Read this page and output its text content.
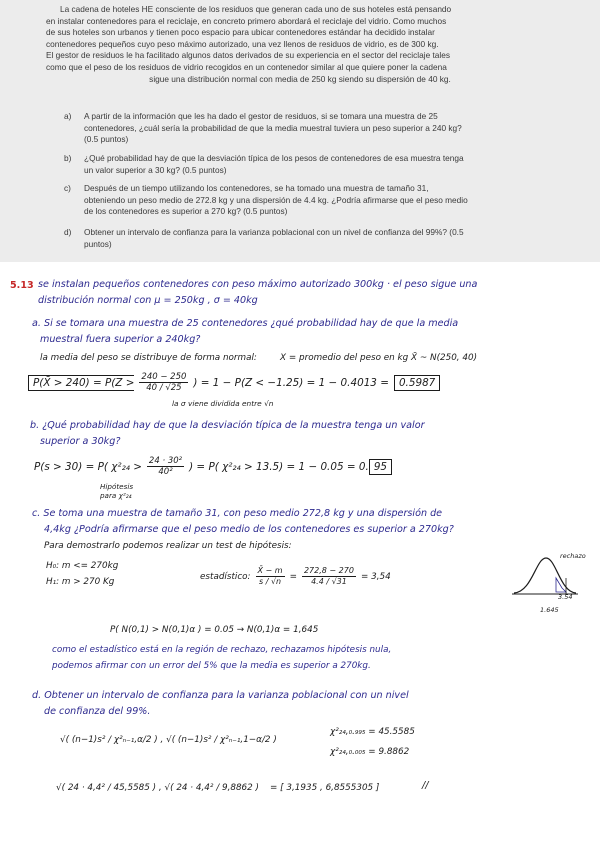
La cadena de hoteles HE consciente de los residuos que generan cada uno de sus hoteles está pensando
en instalar contenedores para el reciclaje, en concreto primero abordará el reciclaje del vidrio. Como muchos
de sus hoteles son urbanos y tienen poco espacio para ubicar contenedores estándar ha decidido instalar
contenedores pequeños cuyo peso máximo autorizado, una vez llenos de residuos de vidrio, es de 300 kg.
El gestor de residuos le ha facilitado algunos datos derivados de su experiencia en el sector del reciclaje tales
como que el peso de los residuos de vidrio recogidos en un contenedor similar al que quiere poner la cadena
sigue una distribución normal con media de 250 kg siendo su dispersión de 40 kg.
a)	A partir de la información que les ha dado el gestor de residuos, si se tomara una muestra de 25
contenedores, ¿cuál sería la probabilidad de que la media muestral tuviera un peso superior a 240 kg?
(0.5 puntos)
b)	¿Qué probabilidad hay de que la desviación típica de los pesos de contenedores de esa muestra tenga
un valor superior a 30 kg? (0.5 puntos)
c)	Después de un tiempo utilizando los contenedores, se ha tomado una muestra de tamaño 31,
obteniendo un peso medio de 272.8 kg y una dispersión de 4.4 kg. ¿Podría afirmarse que el peso medio
de los contenedores es superior a 270 kg? (0.5 puntos)
d)	Obtener un intervalo de confianza para la varianza poblacional con un nivel de confianza del 99%? (0.5
puntos)
5.13 se instalan pequeños contenedores con peso máximo autorizado 300kg · el peso sigue una
distribución normal con μ = 250kg , σ = 40kg
a. Si se tomara una muestra de 25 contenedores ¿qué probabilidad hay de que la media
muestral fuera superior a 240kg?
la media del peso se distribuye de forma normal:	X = promedio del peso en kg X̄ ~ N(250, 40)
P(X̄ > $240) = P(Z > \frac{240 - 250}{40 / √25}$ ) = 1 − P(Z < −1.25) = 1 − 0.4013 = 0.5987
la σ viene dividida entre √n
b. ¿Qué probabilidad hay de que la desviación típica de la muestra tenga un valor
superior a 30kg?
P(s > 30) = P( $\chi^2_{24} > \frac{\text{24 · 30²}}{\text{40²}}$ ) = P( χ²₂₄ > 13.5) = 1 − 0.05 = 0. 95
Hipótesis
para χ²₂₄
c. Se toma una muestra de tamaño 31, con peso medio 272,8 kg y una dispersión de
4,4kg ¿Podría afirmarse que el peso medio de los contenedores es superior a 270kg?
Para demostrarlo podemos realizar un test de hipótesis:
H₀: m <= 270kg
H₁: m > 270 Kg
estadístico: $\frac{X̄ - m}{s / √n} = \frac{272,8 - 270}{4.4 / √31} = 3,54$
rechazo
3.54
1.645
P( N(0,1) > N(0,1)α ) = 0.05 → N(0,1)α = 1,645
como el estadístico está en la región de rechazo, rechazamos hipótesis nula,
podemos afirmar con un error del 5% que la media es superior a 270kg.
d. Obtener un intervalo de confianza para la varianza poblacional con un nivel
de confianza del 99%.
√( (n−1)s² / χ²ₙ₋₁,α/2 ) , √( (n−1)s² / χ²ₙ₋₁,1−α/2 )
χ²₂₄,₀.₉₉₅ = 45.5585
χ²₂₄,₀.₀₀₅ = 9.8862
√( 24 · 4,4² / 45,5585 ) , √( 24 · 4,4² / 9,8862 ) = [ 3,1935 , 6,8555305 ]	//
